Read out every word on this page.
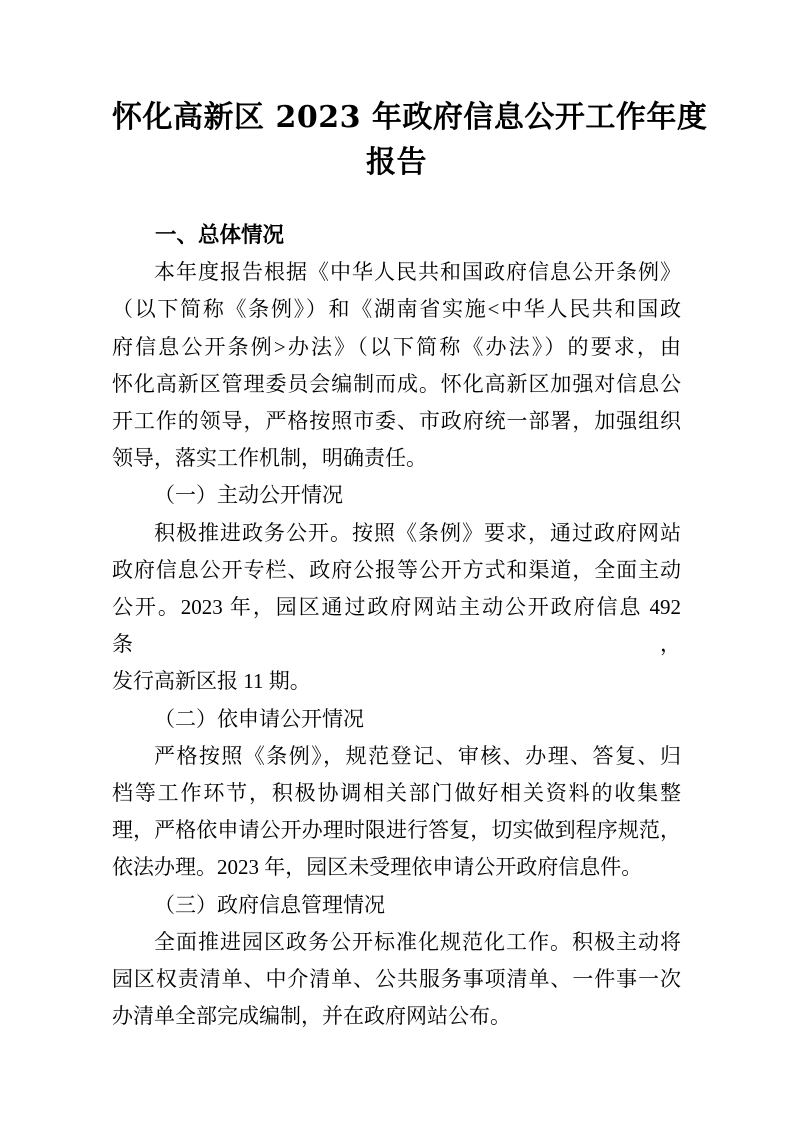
怀化高新区 2023 年政府信息公开工作年度
报告
一、总体情况
本年度报告根据《中华人民共和国政府信息公开条例》
（以下简称《条例》）和《湖南省实施<中华人民共和国政
府信息公开条例>办法》（以下简称《办法》）的要求，由
怀化高新区管理委员会编制而成。怀化高新区加强对信息公
开工作的领导，严格按照市委、市政府统一部署，加强组织
领导，落实工作机制，明确责任。
（一）主动公开情况
积极推进政务公开。按照《条例》要求，通过政府网站
政府信息公开专栏、政府公报等公开方式和渠道，全面主动
公开。2023 年，园区通过政府网站主动公开政府信息 492 条，
发行高新区报 11 期。
（二）依申请公开情况
严格按照《条例》，规范登记、审核、办理、答复、归
档等工作环节，积极协调相关部门做好相关资料的收集整
理，严格依申请公开办理时限进行答复，切实做到程序规范，
依法办理。2023 年，园区未受理依申请公开政府信息件。
（三）政府信息管理情况
全面推进园区政务公开标准化规范化工作。积极主动将
园区权责清单、中介清单、公共服务事项清单、一件事一次
办清单全部完成编制，并在政府网站公布。
